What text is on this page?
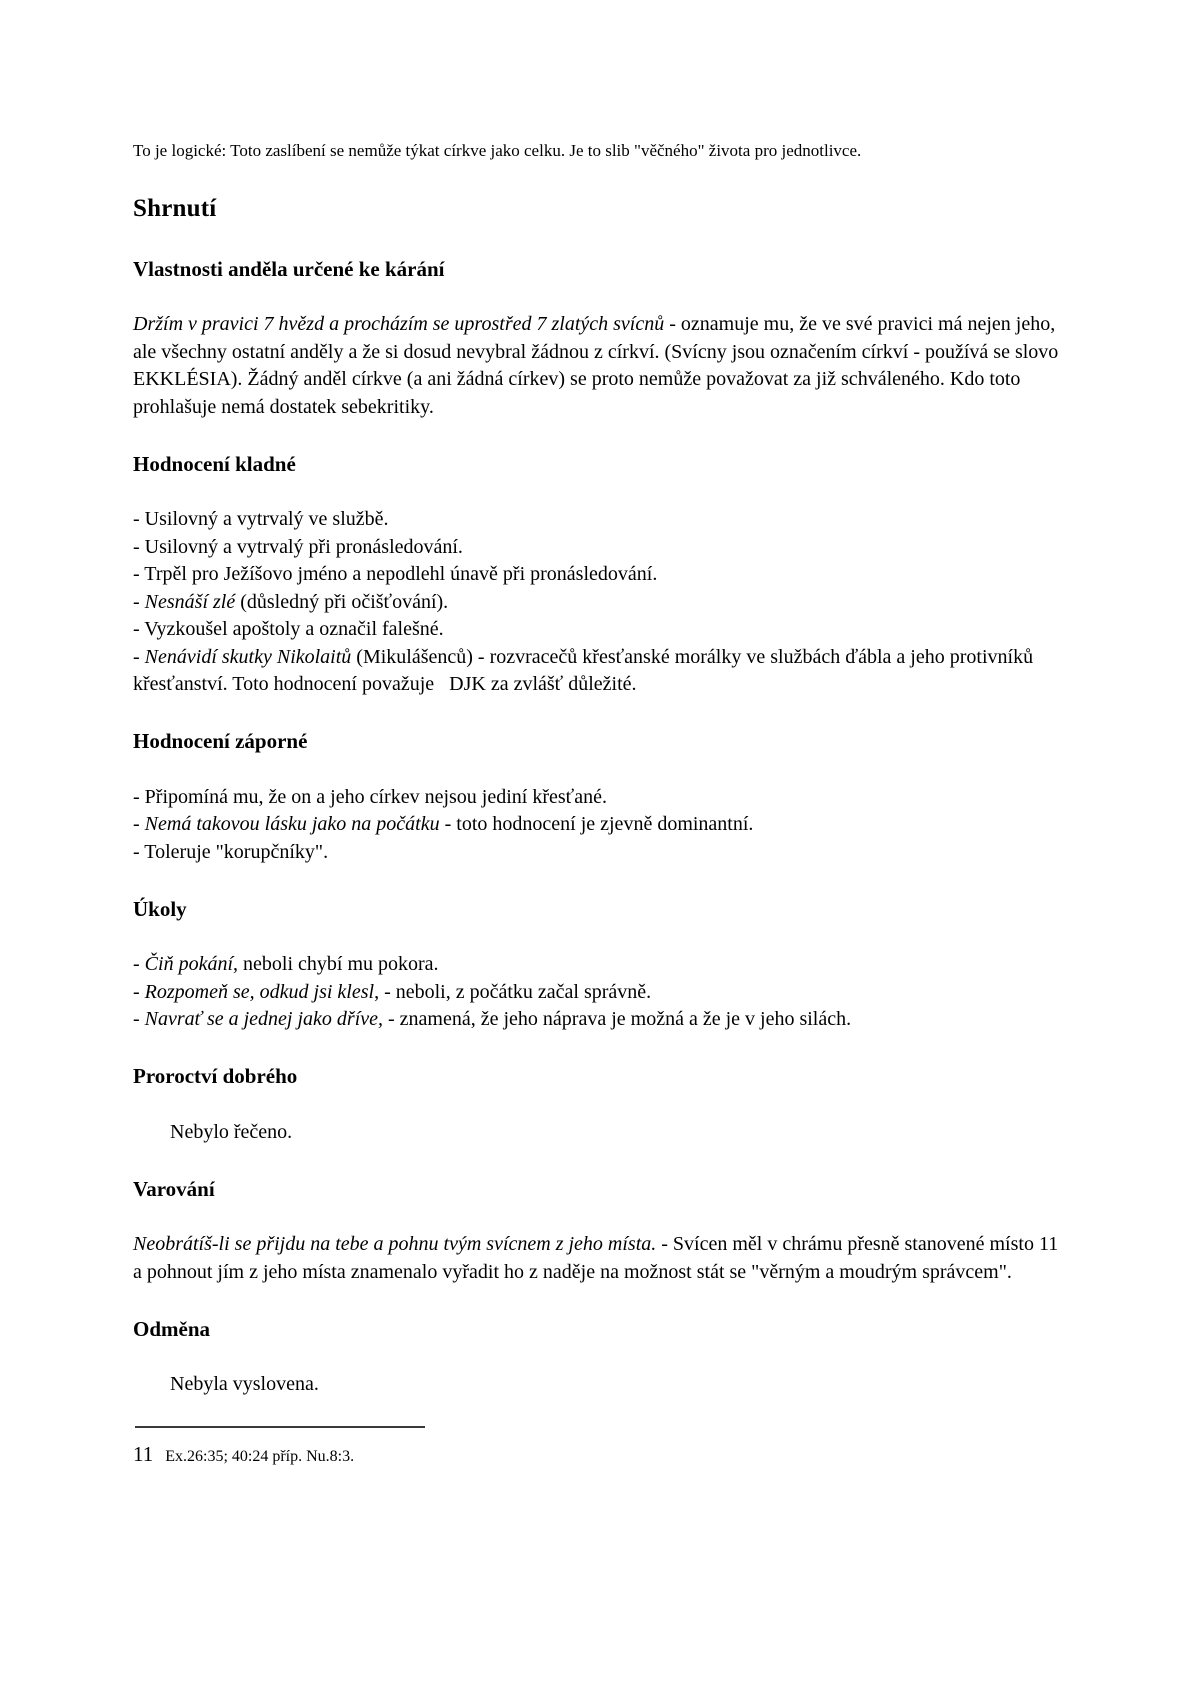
To je logické: Toto zaslíbení se nemůže týkat církve jako celku. Je to slib "věčného" života pro jednotlivce.

Shrnutí
Vlastnosti anděla určené ke kárání

Držím v pravici 7 hvězd a procházím se uprostřed 7 zlatých svícnů - oznamuje mu, že ve své pravici má nejen jeho, ale všechny ostatní anděly a že si dosud nevybral žádnou z církví. (Svícny jsou označením církví - používá se slovo EKKLÉSIA). Žádný anděl církve (a ani žádná církev) se proto nemůže považovat za již schváleného. Kdo toto prohlašuje nemá dostatek sebekritiky.

Hodnocení kladné

- Usilovný a vytrvalý ve službě.

- Usilovný a vytrvalý při pronásledování.

- Trpěl pro Ježíšovo jméno a nepodlehl únavě při pronásledování.

- Nesnáší zlé (důsledný při očišťování).

- Vyzkoušel apoštoly a označil falešné.

- Nenávidí skutky Nikolaitů (Mikulášenců) - rozvracečů křesťanské morálky ve službách ďábla a jeho protivníků křesťanství. Toto hodnocení považuje   DJK za zvlášť důležité.

Hodnocení záporné

- Připomíná mu, že on a jeho církev nejsou jediní křesťané.

- Nemá takovou lásku jako na počátku - toto hodnocení je zjevně dominantní.

- Toleruje "korupčníky".

Úkoly

- Čiň pokání, neboli chybí mu pokora.

- Rozpomeň se, odkud jsi klesl, - neboli, z počátku začal správně.

- Navrať se a jednej jako dříve, - znamená, že jeho náprava je možná a že je v jeho silách.

Proroctví dobrého

Nebylo řečeno.

Varování

Neobrátíš-li se přijdu na tebe a pohnu tvým svícnem z jeho místa. - Svícen měl v chrámu přesně stanovené místo 11 a pohnout jím z jeho místa znamenalo vyřadit ho z naděje na možnost stát se "věrným a moudrým správcem".

Odměna

Nebyla vyslovena.

11 Ex.26:35; 40:24 příp. Nu.8:3.
